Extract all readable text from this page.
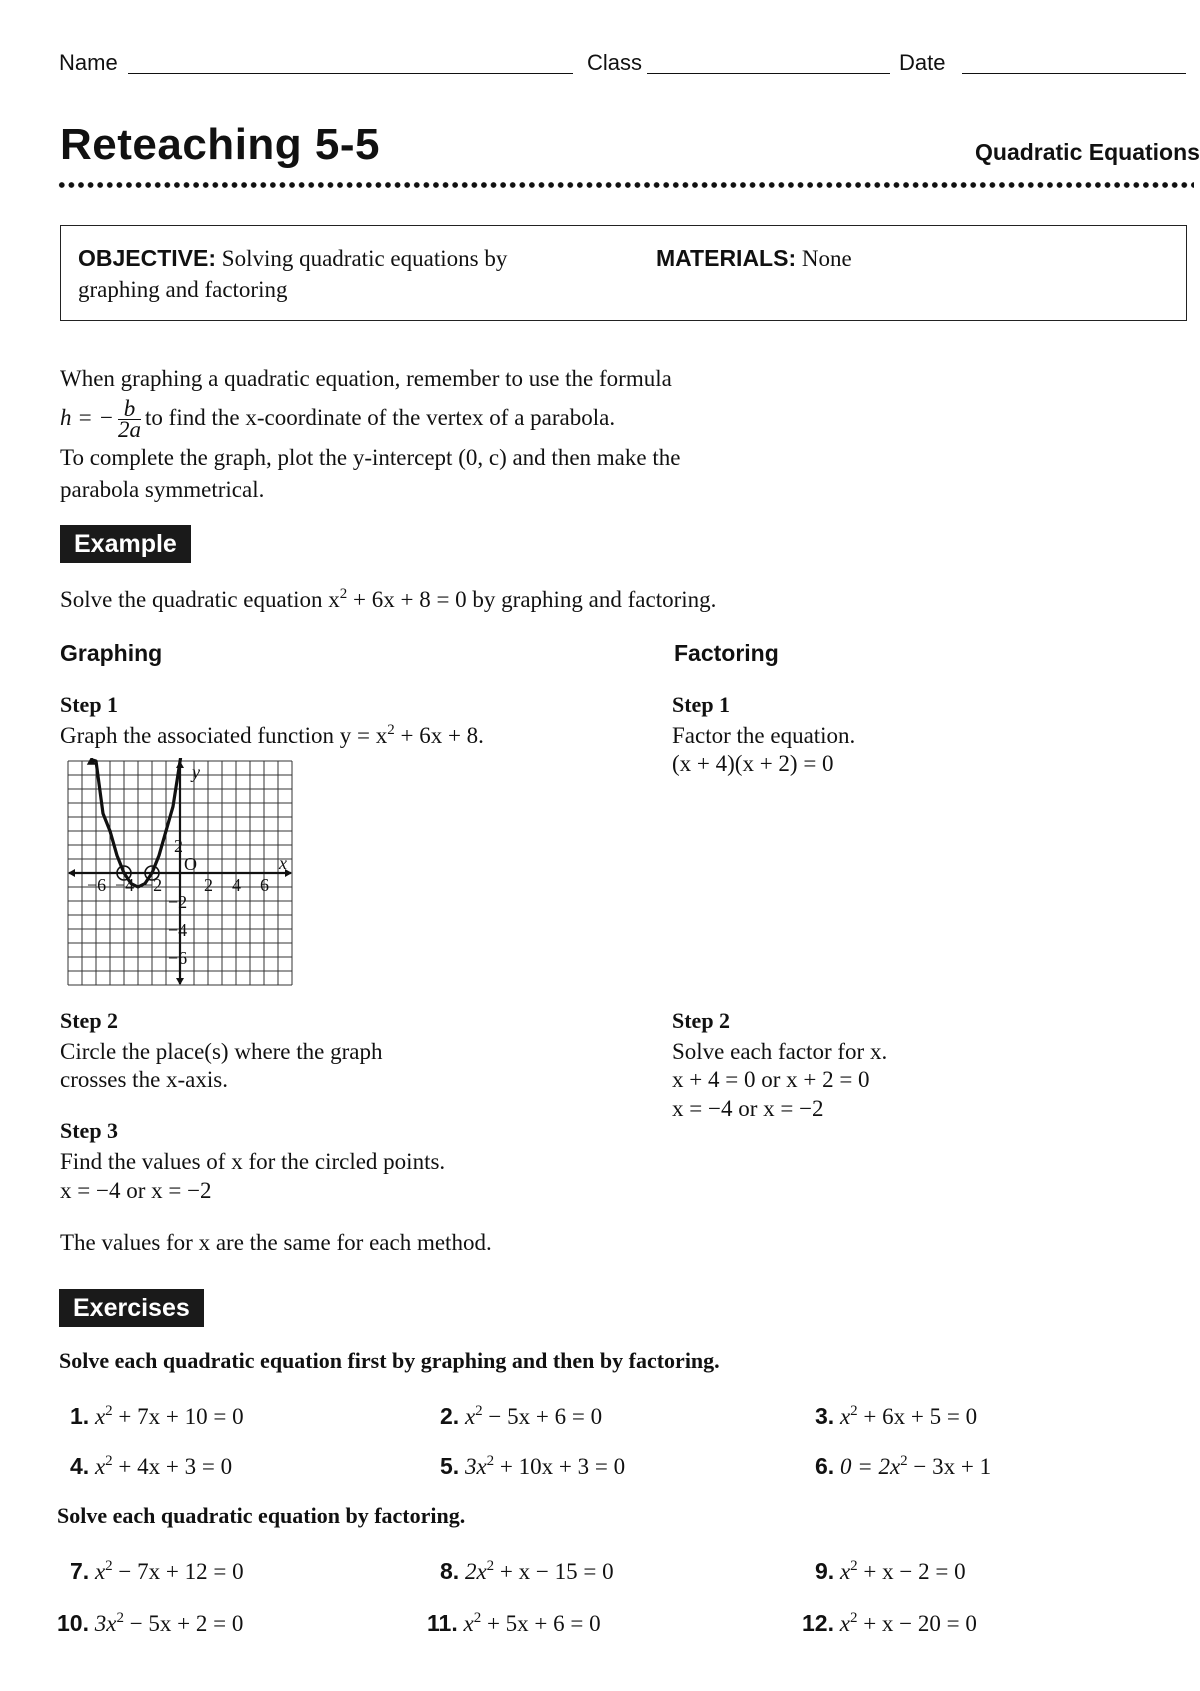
Name	Class	Date
Reteaching 5-5	Quadratic Equations
OBJECTIVE: Solving quadratic equations by
graphing and factoring
MATERIALS: None
When graphing a quadratic equation, remember to use the formula
h = − $\frac{b}{2a}$ to find the x-coordinate of the vertex of a parabola.
To complete the graph, plot the y-intercept (0, c) and then make the
parabola symmetrical.
Example
Solve the quadratic equation $x^2 + 6x + 8 = 0$ by graphing and factoring.
Graphing	Factoring
Step 1
Graph the associated function $y = x^2 + 6x + 8$.
−6 −4 −2 2 4 6
2
−2
−4
−6
O	x
y
Step 1
Factor the equation.
(x + 4)(x + 2) = 0
Step 2
Circle the place(s) where the graph
crosses the x-axis.
Step 2
Solve each factor for x.
x + 4 = 0 or x + 2 = 0
x = −4 or x = −2
Step 3
Find the values of x for the circled points.
x = −4 or x = −2
The values for x are the same for each method.
Exercises
Solve each quadratic equation first by graphing and then by factoring.
1. $x^2 + 7x + 10 = 0$	2. $x^2 - 5x + 6 = 0$	3. $x^2 + 6x + 5 = 0$
4. $x^2 + 4x + 3 = 0$	5. $3x^2 + 10x + 3 = 0$	6. $0 = 2x^2 - 3x + 1$
7. $x^2 - 7x + 12 = 0$	8. $2x^2 + x - 15 = 0$	9. $x^2 + x - 2 = 0$
10. $3x^2 - 5x + 2 = 0$	11. $x^2 + 5x + 6 = 0$	12. $x^2 + x - 20 = 0$
Solve each quadratic equation by factoring.
